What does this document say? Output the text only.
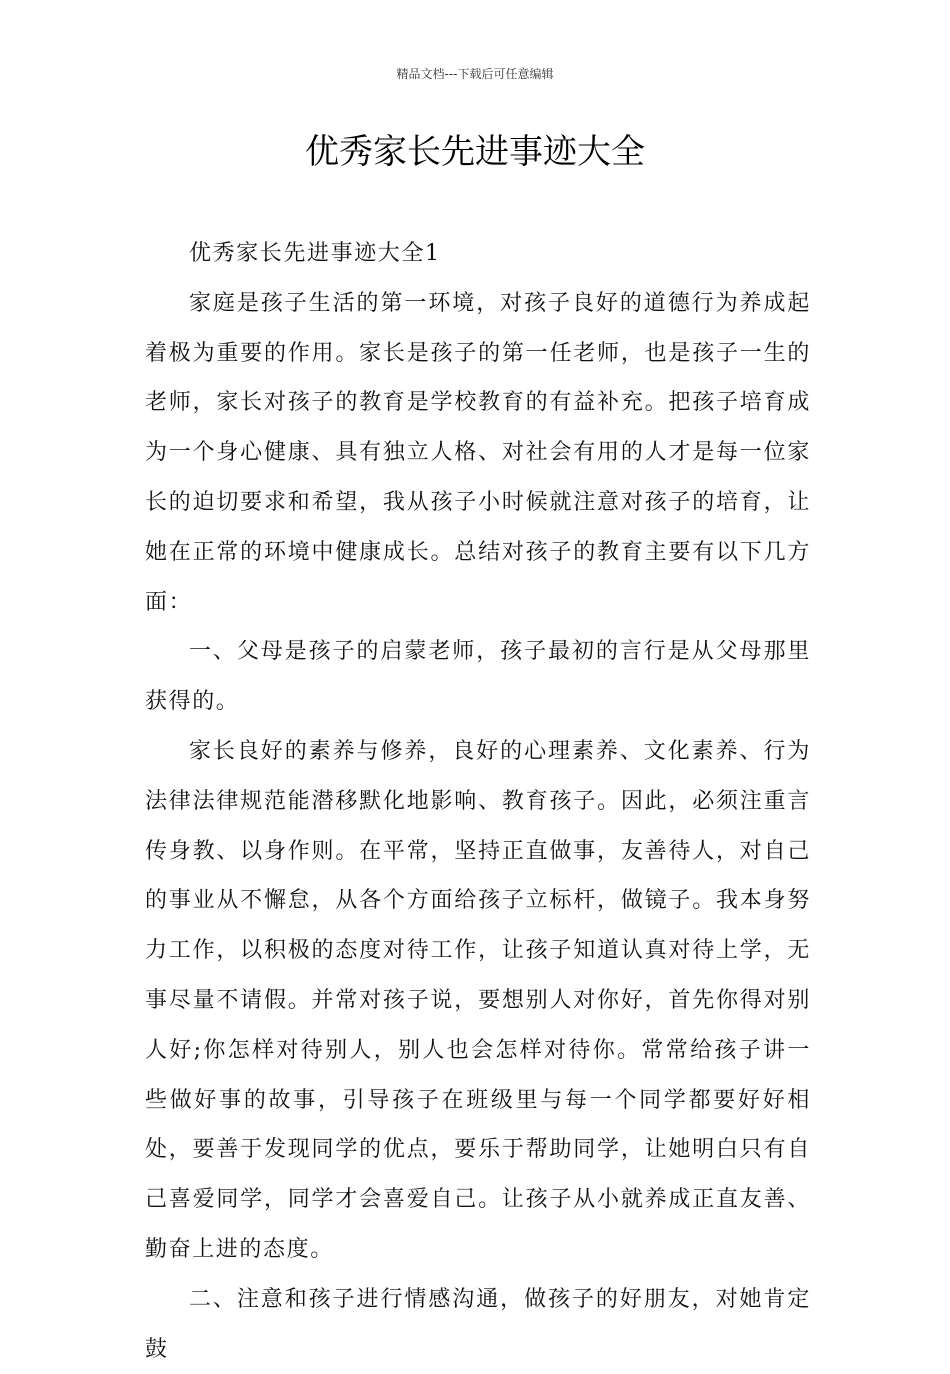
精品文档---下载后可任意编辑
优秀家长先进事迹大全

优秀家长先进事迹大全1

家庭是孩子生活的第一环境，对孩子良好的道德行为养成起着极为重要的作用。家长是孩子的第一任老师，也是孩子一生的老师，家长对孩子的教育是学校教育的有益补充。把孩子培育成为一个身心健康、具有独立人格、对社会有用的人才是每一位家长的迫切要求和希望，我从孩子小时候就注意对孩子的培育，让她在正常的环境中健康成长。总结对孩子的教育主要有以下几方面：

一、父母是孩子的启蒙老师，孩子最初的言行是从父母那里获得的。

家长良好的素养与修养，良好的心理素养、文化素养、行为法律法律规范能潜移默化地影响、教育孩子。因此，必须注重言传身教、以身作则。在平常，坚持正直做事，友善待人，对自己的事业从不懈怠，从各个方面给孩子立标杆，做镜子。我本身努力工作，以积极的态度对待工作，让孩子知道认真对待上学，无事尽量不请假。并常对孩子说，要想别人对你好，首先你得对别人好;你怎样对待别人，别人也会怎样对待你。常常给孩子讲一些做好事的故事，引导孩子在班级里与每一个同学都要好好相处，要善于发现同学的优点，要乐于帮助同学，让她明白只有自己喜爱同学，同学才会喜爱自己。让孩子从小就养成正直友善、勤奋上进的态度。

二、注意和孩子进行情感沟通，做孩子的好朋友，对她肯定鼓
